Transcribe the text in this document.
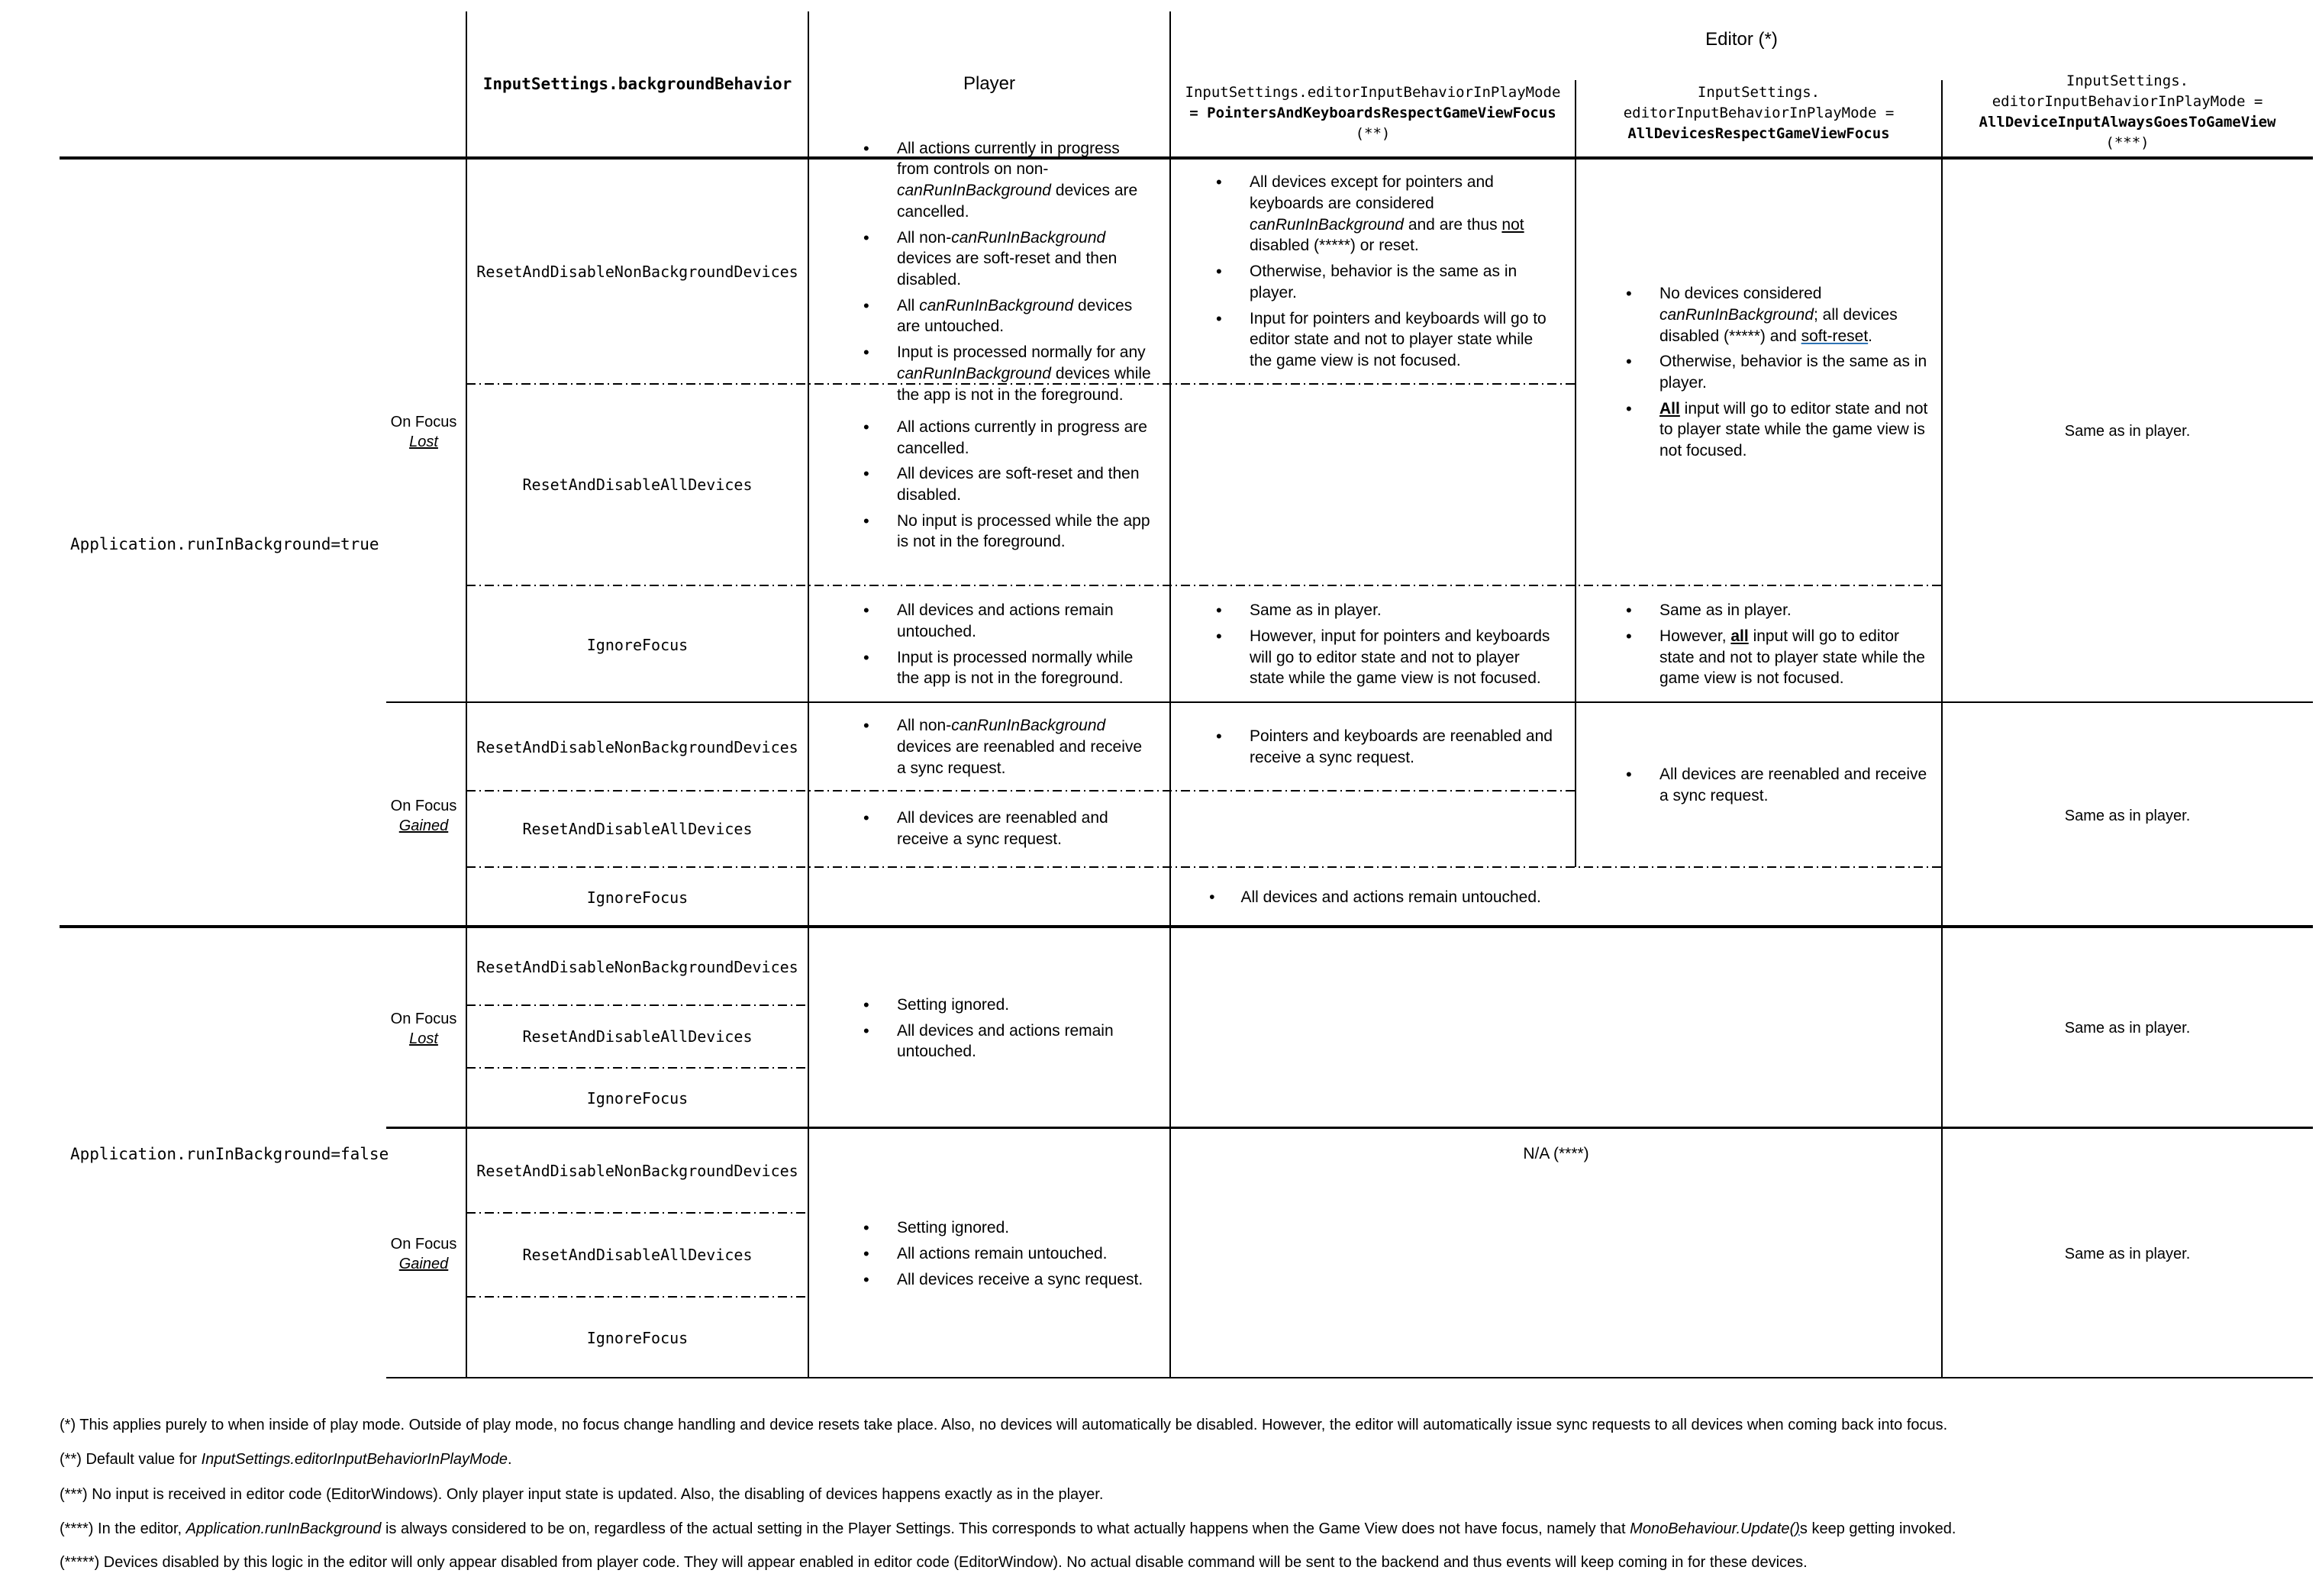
Editor (*)
InputSettings.backgroundBehavior	Player	InputSettings.editorInputBehaviorInPlayMode
= PointersAndKeyboardsRespectGameViewFocus
(**)
InputSettings.
editorInputBehaviorInPlayMode =
AllDevicesRespectGameViewFocus
InputSettings.
editorInputBehaviorInPlayMode =
AllDeviceInputAlwaysGoesToGameView
(***)
Application.runInBackground=true
Application.runInBackground=false
On Focus
Lost
On Focus
Gained
On Focus
Lost
On Focus
Gained
ResetAndDisableNonBackgroundDevices
ResetAndDisableAllDevices
IgnoreFocus
ResetAndDisableNonBackgroundDevices
ResetAndDisableAllDevices
IgnoreFocus
ResetAndDisableNonBackgroundDevices
ResetAndDisableAllDevices
IgnoreFocus
ResetAndDisableNonBackgroundDevices
ResetAndDisableAllDevices
IgnoreFocus
• All actions currently in progress from controls on non-canRunInBackground devices are cancelled.
• All non-canRunInBackground devices are soft-reset and then disabled.
• All canRunInBackground devices are untouched.
• Input is processed normally for any canRunInBackground devices while the app is not in the foreground.
• All actions currently in progress are cancelled.
• All devices are soft-reset and then disabled.
• No input is processed while the app is not in the foreground.
• All devices and actions remain untouched.
• Input is processed normally while the app is not in the foreground.
• All non-canRunInBackground devices are reenabled and receive a sync request.
• All devices are reenabled and receive a sync request.
• Setting ignored.
• All devices and actions remain untouched.
• Setting ignored.
• All actions remain untouched.
• All devices receive a sync request.
• All devices except for pointers and keyboards are considered canRunInBackground and are thus not disabled (*****) or reset.
• Otherwise, behavior is the same as in player.
• Input for pointers and keyboards will go to editor state and not to player state while the game view is not focused.
• Same as in player.
• However, input for pointers and keyboards will go to editor state and not to player state while the game view is not focused.
• Pointers and keyboards are reenabled and receive a sync request.
• No devices considered canRunInBackground; all devices disabled (*****) and soft-reset.
• Otherwise, behavior is the same as in player.
• All input will go to editor state and not to player state while the game view is not focused.
• Same as in player.
• However, all input will go to editor state and not to player state while the game view is not focused.
• All devices are reenabled and receive a sync request.
• All devices and actions remain untouched.
N/A (****)
Same as in player.
Same as in player.
Same as in player.
Same as in player.
(*) This applies purely to when inside of play mode. Outside of play mode, no focus change handling and device resets take place. Also, no devices will automatically be disabled. However, the editor will automatically issue sync requests to all devices when coming back into focus.
(**) Default value for InputSettings.editorInputBehaviorInPlayMode.
(***) No input is received in editor code (EditorWindows). Only player input state is updated. Also, the disabling of devices happens exactly as in the player.
(****) In the editor, Application.runInBackground is always considered to be on, regardless of the actual setting in the Player Settings. This corresponds to what actually happens when the Game View does not have focus, namely that MonoBehaviour.Update()s keep getting invoked.
(*****) Devices disabled by this logic in the editor will only appear disabled from player code. They will appear enabled in editor code (EditorWindow). No actual disable command will be sent to the backend and thus events will keep coming in for these devices.
